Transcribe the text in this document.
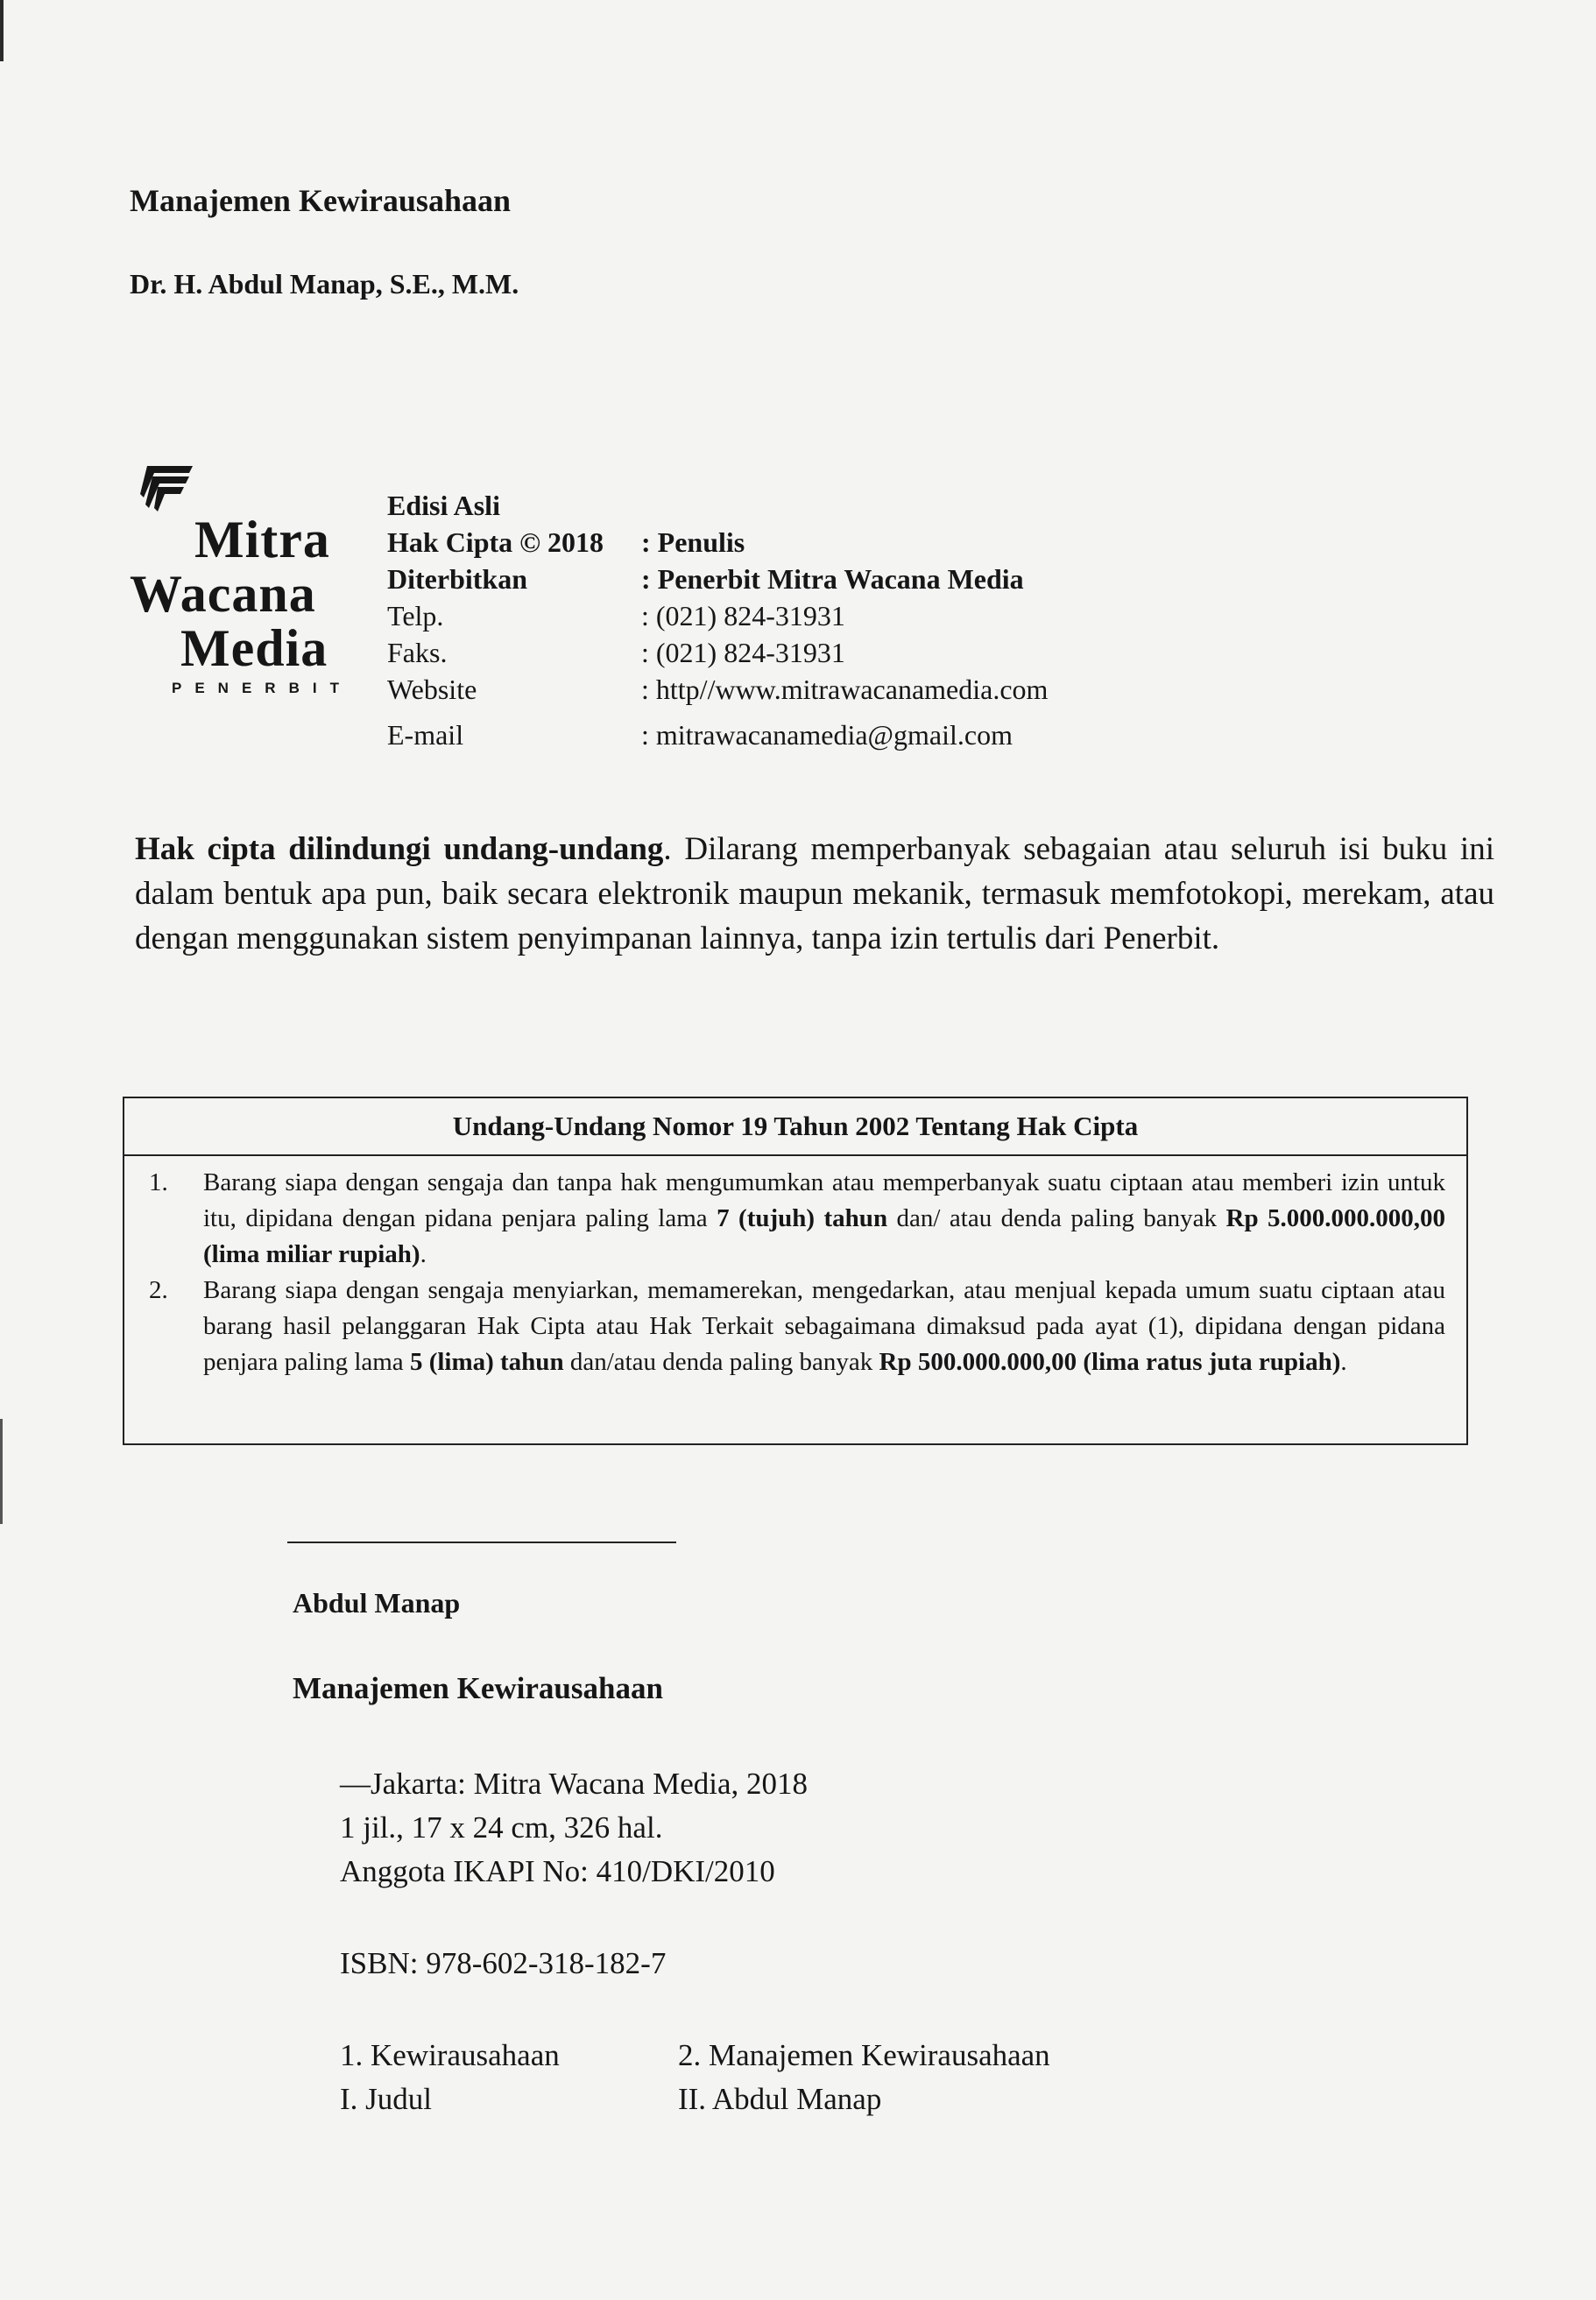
Manajemen Kewirausahaan
Dr. H. Abdul Manap, S.E., M.M.
Mitra
Wacana
Media
PENERBIT
Edisi Asli
Hak Cipta © 2018	: Penulis
Diterbitkan	: Penerbit Mitra Wacana Media
Telp.	: (021) 824-31931
Faks.	: (021) 824-31931
Website	: http//www.mitrawacanamedia.com
E-mail	: mitrawacanamedia@gmail.com
Hak cipta dilindungi undang-undang. Dilarang memperbanyak sebagaian atau seluruh isi buku ini dalam bentuk apa pun, baik secara elektronik maupun mekanik, termasuk memfotokopi, merekam, atau dengan menggunakan sistem penyimpanan lainnya, tanpa izin tertulis dari Penerbit.
Undang-Undang Nomor 19 Tahun 2002 Tentang Hak Cipta
1.	Barang siapa dengan sengaja dan tanpa hak mengumumkan atau memperbanyak suatu ciptaan atau memberi izin untuk itu, dipidana dengan pidana penjara paling lama 7 (tujuh) tahun dan/ atau denda paling banyak Rp 5.000.000.000,00 (lima miliar rupiah).
2.	Barang siapa dengan sengaja menyiarkan, memamerekan, mengedarkan, atau menjual kepada umum suatu ciptaan atau barang hasil pelanggaran Hak Cipta atau Hak Terkait sebagaimana dimaksud pada ayat (1), dipidana dengan pidana penjara paling lama 5 (lima) tahun dan/atau denda paling banyak Rp 500.000.000,00 (lima ratus juta rupiah).
Abdul Manap
Manajemen Kewirausahaan
—Jakarta: Mitra Wacana Media, 2018
1 jil., 17 x 24 cm, 326 hal.
Anggota IKAPI No: 410/DKI/2010
ISBN: 978-602-318-182-7
1. Kewirausahaan	2. Manajemen Kewirausahaan
I. Judul	II. Abdul Manap
